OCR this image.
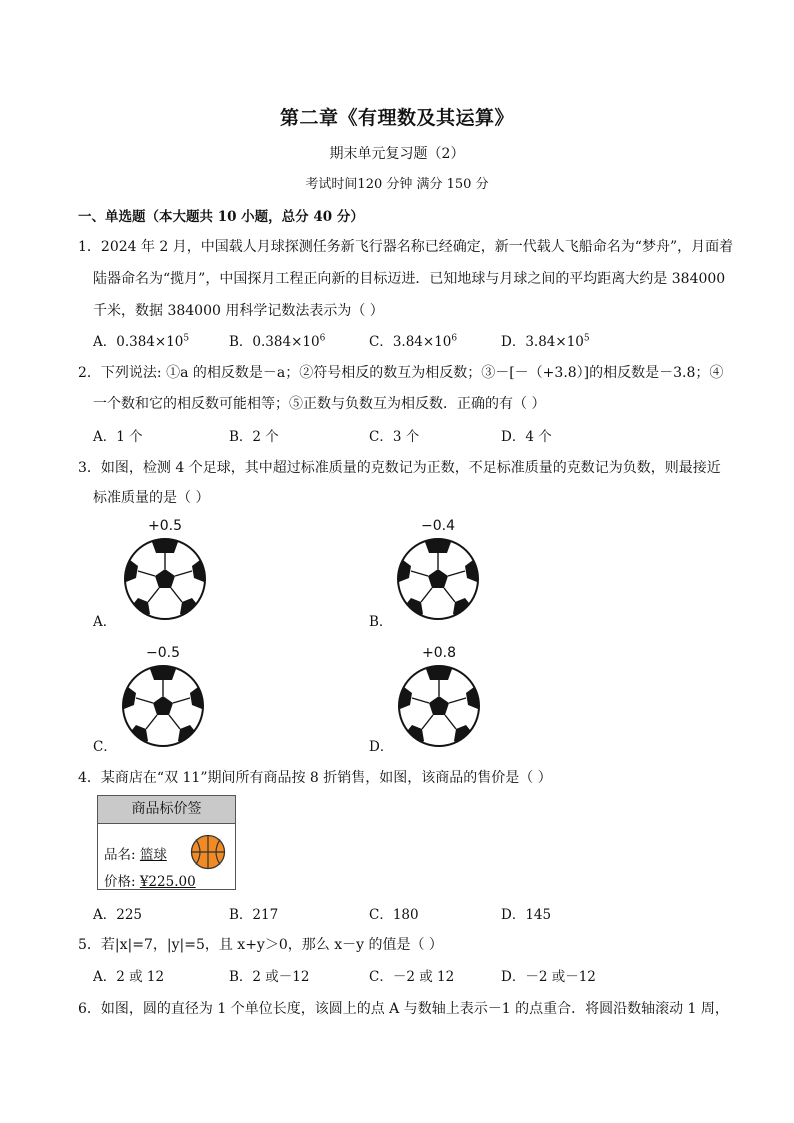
第二章《有理数及其运算》
期末单元复习题（2）
考试时间120 分钟 满分 150 分
一、单选题（本大题共 10 小题，总分 40 分）
1．2024 年 2 月，中国载人月球探测任务新飞行器名称已经确定，新一代载人飞船命名为“梦舟”，月面着
陆器命名为“揽月”，中国探月工程正向新的目标迈进．已知地球与月球之间的平均距离大约是 384000
千米，数据 384000 用科学记数法表示为（ ）
A．$0.384\times 10^5$	B．$0.384\times 10^6$	C．$3.84\times 10^6$	D．$3.84\times 10^5$
2．下列说法: ①a 的相反数是－a；②符号相反的数互为相反数；③－[－（+3.8）]的相反数是－3.8；④
一个数和它的相反数可能相等；⑤正数与负数互为相反数．正确的有（ ）
A．1 个	B．2 个	C．3 个	D．4 个
3．如图，检测 4 个足球，其中超过标准质量的克数记为正数，不足标准质量的克数记为负数，则最接近
标准质量的是（ ）
+0.5
A．
−0.4
B．
−0.5
C．
+0.8
D．
4．某商店在“双 11”期间所有商品按 8 折销售，如图，该商品的售价是（ ）
商品标价签
品名: 篮球
价格: ¥225.00
A．225	B．217	C．180	D．145
5．若|x|=7，|y|=5，且 x+y＞0，那么 x－y 的值是（ ）
A．2 或 12	B．2 或－12	C．－2 或 12	D．－2 或－12
6．如图，圆的直径为 1 个单位长度，该圆上的点 A 与数轴上表示－1 的点重合．将圆沿数轴滚动 1 周，
